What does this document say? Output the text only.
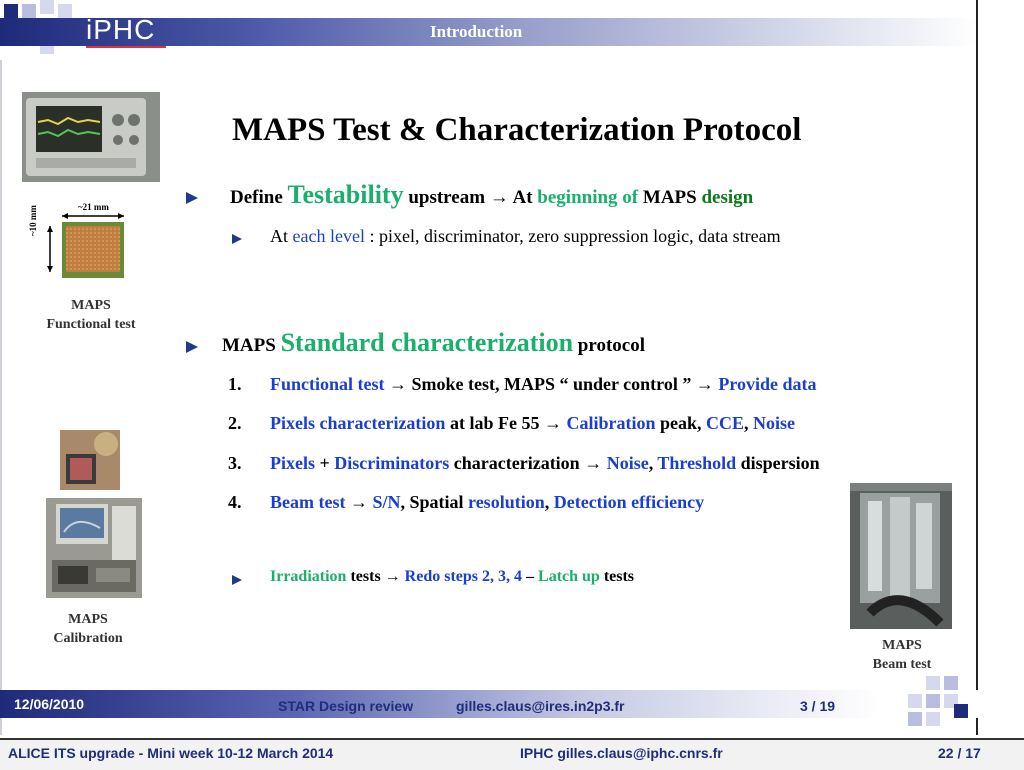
iPHC	Introduction
~21 mm
~10 mm
MAPS
Functional test
MAPS
Calibration	MAPS
Beam test
MAPS Test & Characterization Protocol
Define Testability upstream → At beginning of MAPS design
At each level : pixel, discriminator, zero suppression logic, data stream
MAPS Standard characterization protocol
1. Functional test → Smoke test, MAPS “ under control ” → Provide data
2. Pixels characterization at lab Fe 55 → Calibration peak, CCE, Noise
3. Pixels + Discriminators characterization → Noise, Threshold dispersion
4. Beam test → S/N, Spatial resolution, Detection efficiency
Irradiation tests → Redo steps 2, 3, 4 – Latch up tests
12/06/2010	STAR Design review	gilles.claus@ires.in2p3.fr	3 / 19
ALICE ITS upgrade - Mini week 10-12 March 2014	IPHC gilles.claus@iphc.cnrs.fr	22 / 17
